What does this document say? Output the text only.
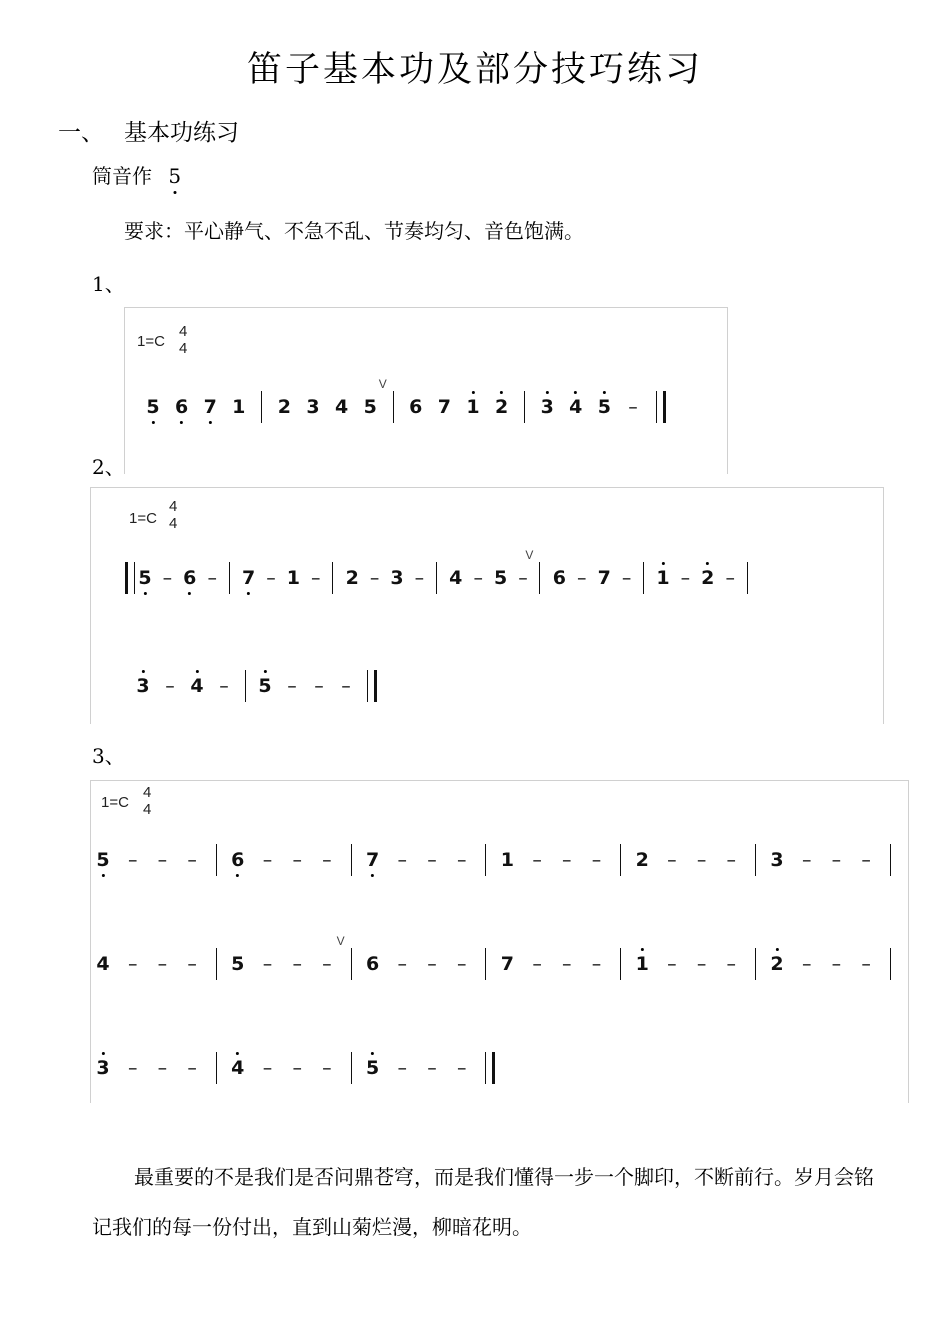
笛子基本功及部分技巧练习
一、 基本功练习
筒音作 5
要求：平心静气、不急不乱、节奏均匀、音色饱满。
1、
1=C
4
4
5 6 7 1 2 3 4 5
V
6 7 1 2 3 4 5 –
2、
1=C
4
4
5 – 6 – 7 – 1 – 2 – 3 – 4 – 5 –
V
6 – 7 – 1 – 2 –
3 – 4 – 5 – – –
3、
1=C
4
4
5 – – – 6 – – – 7 – – – 1 – – – 2 – – – 3 – – –
4 – – – 5 – – –
V
6 – – – 7 – – – 1 – – – 2 – – –
3 – – – 4 – – – 5 – – –
最重要的不是我们是否问鼎苍穹，而是我们懂得一步一个脚印，不断前行。岁月会铭记我们的每一份付出，直到山菊烂漫，柳暗花明。
